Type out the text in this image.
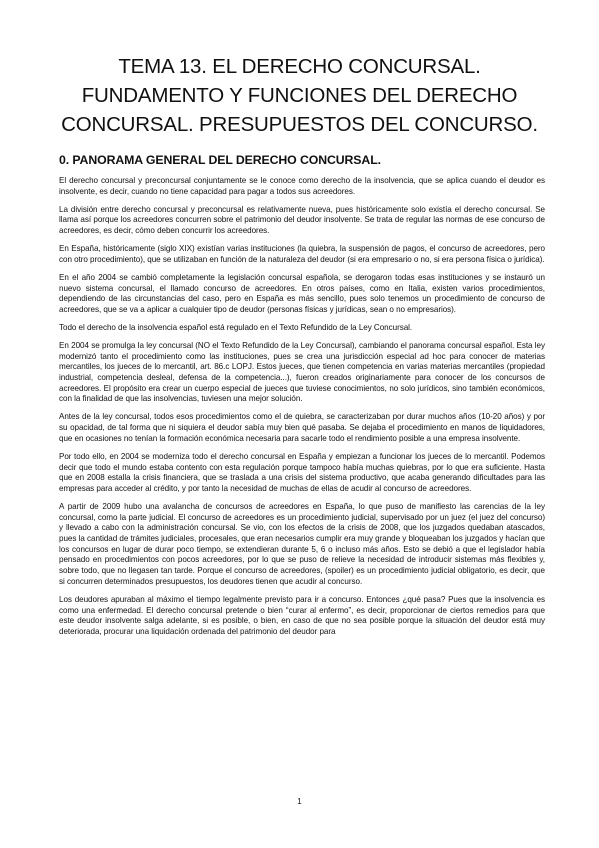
TEMA 13. EL DERECHO CONCURSAL.
FUNDAMENTO Y FUNCIONES DEL DERECHO
CONCURSAL. PRESUPUESTOS DEL CONCURSO.
0. PANORAMA GENERAL DEL DERECHO CONCURSAL.

El derecho concursal y preconcursal conjuntamente se le conoce como derecho de la insolvencia, que se aplica cuando el deudor es insolvente, es decir, cuando no tiene capacidad para pagar a todos sus acreedores.

La división entre derecho concursal y preconcursal es relativamente nueva, pues históricamente solo existía el derecho concursal. Se llama así porque los acreedores concurren sobre el patrimonio del deudor insolvente. Se trata de regular las normas de ese concurso de acreedores, es decir, cómo deben concurrir los acreedores.

En España, históricamente (siglo XIX) existían varias instituciones (la quiebra, la suspensión de pagos, el concurso de acreedores, pero con otro procedimiento), que se utilizaban en función de la naturaleza del deudor (si era empresario o no, si era persona física o jurídica).

En el año 2004 se cambió completamente la legislación concursal española, se derogaron todas esas instituciones y se instauró un nuevo sistema concursal, el llamado concurso de acreedores. En otros países, como en Italia, existen varios procedimientos, dependiendo de las circunstancias del caso, pero en España es más sencillo, pues solo tenemos un procedimiento de concurso de acreedores, que se va a aplicar a cualquier tipo de deudor (personas físicas y jurídicas, sean o no empresarios).

Todo el derecho de la insolvencia español está regulado en el Texto Refundido de la Ley Concursal.

En 2004 se promulga la ley concursal (NO el Texto Refundido de la Ley Concursal), cambiando el panorama concursal español. Esta ley modernizó tanto el procedimiento como las instituciones, pues se crea una jurisdicción especial ad hoc para conocer de materias mercantiles, los jueces de lo mercantil, art. 86.c LOPJ. Estos jueces, que tienen competencia en varias materias mercantiles (propiedad industrial, competencia desleal, defensa de la competencia...), fueron creados originariamente para conocer de los concursos de acreedores. El propósito era crear un cuerpo especial de jueces que tuviese conocimientos, no solo jurídicos, sino también económicos, con la finalidad de que las insolvencias, tuviesen una mejor solución.

Antes de la ley concursal, todos esos procedimientos como el de quiebra, se caracterizaban por durar muchos años (10-20 años) y por su opacidad, de tal forma que ni siquiera el deudor sabía muy bien qué pasaba. Se dejaba el procedimiento en manos de liquidadores, que en ocasiones no tenían la formación económica necesaria para sacarle todo el rendimiento posible a una empresa insolvente.

Por todo ello, en 2004 se moderniza todo el derecho concursal en España y empiezan a funcionar los jueces de lo mercantil. Podemos decir que todo el mundo estaba contento con esta regulación porque tampoco había muchas quiebras, por lo que era suficiente. Hasta que en 2008 estalla la crisis financiera, que se traslada a una crisis del sistema productivo, que acaba generando dificultades para las empresas para acceder al crédito, y por tanto la necesidad de muchas de ellas de acudir al concurso de acreedores.

A partir de 2009 hubo una avalancha de concursos de acreedores en España, lo que puso de manifiesto las carencias de la ley concursal, como la parte judicial. El concurso de acreedores es un procedimiento judicial, supervisado por un juez (el juez del concurso) y llevado a cabo con la administración concursal. Se vio, con los efectos de la crisis de 2008, que los juzgados quedaban atascados, pues la cantidad de trámites judiciales, procesales, que eran necesarios cumplir era muy grande y bloqueaban los juzgados y hacían que los concursos en lugar de durar poco tiempo, se extendieran durante 5, 6 o incluso más años. Esto se debió a que el legislador había pensado en procedimientos con pocos acreedores, por lo que se puso de relieve la necesidad de introducir sistemas más flexibles y, sobre todo, que no llegasen tan tarde. Porque el concurso de acreedores, (spoiler) es un procedimiento judicial obligatorio, es decir, que si concurren determinados presupuestos, los deudores tienen que acudir al concurso.

Los deudores apuraban al máximo el tiempo legalmente previsto para ir a concurso. Entonces ¿qué pasa? Pues que la insolvencia es como una enfermedad. El derecho concursal pretende o bien “curar al enfermo”, es decir, proporcionar de ciertos remedios para que este deudor insolvente salga adelante, si es posible, o bien, en caso de que no sea posible porque la situación del deudor está muy deteriorada, procurar una liquidación ordenada del patrimonio del deudor para

1
